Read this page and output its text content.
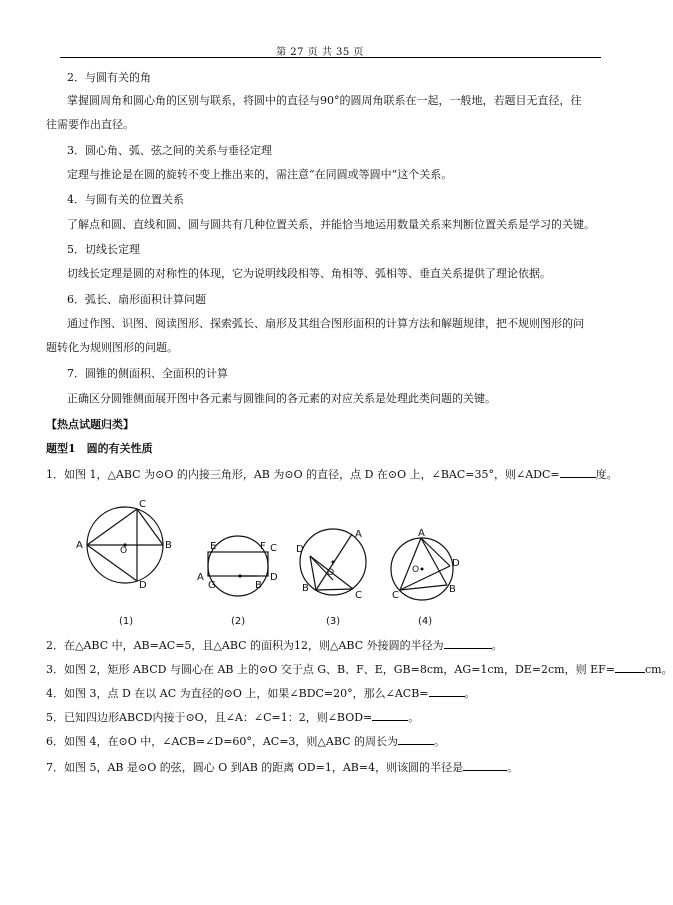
第 27 页 共 35 页
2．与圆有关的角
掌握圆周角和圆心角的区别与联系，将圆中的直径与90°的圆周角联系在一起，一般地，若题目无直径，往
往需要作出直径。
3．圆心角、弧、弦之间的关系与垂径定理
定理与推论是在圆的旋转不变上推出来的，需注意“在同圆或等圆中”这个关系。
4．与圆有关的位置关系
了解点和圆、直线和圆、圆与圆共有几种位置关系，并能恰当地运用数量关系来判断位置关系是学习的关键。
5．切线长定理
切线长定理是圆的对称性的体现，它为说明线段相等、角相等、弧相等、垂直关系提供了理论依据。
6．弧长、扇形面积计算问题
通过作图、识图、阅读图形、探索弧长、扇形及其组合图形面积的计算方法和解题规律，把不规则图形的问
题转化为规则图形的问题。
7．圆锥的侧面积、全面积的计算
正确区分圆锥侧面展开图中各元素与圆锥间的各元素的对应关系是处理此类问题的关键。
【热点试题归类】
题型1　圆的有关性质
1．如图 1，△ABC 为⊙O 的内接三角形，AB 为⊙O 的直径，点 D 在⊙O 上，∠BAC=35°，则∠ADC=	度。
A	B
C
D
O	E	F C
A
G	B
D
D
A
B
C
O
A
O
D
B
C
(1)	(2)	(3)	(4)
2．在△ABC 中，AB=AC=5，且△ABC 的面积为12，则△ABC 外接圆的半径为	。
3．如图 2，矩形 ABCD 与圆心在 AB 上的⊙O 交于点 G、B、F、E，GB=8cm，AG=1cm，DE=2cm，则 EF=	cm。
4．如图 3，点 D 在以 AC 为直径的⊙O 上，如果∠BDC=20°，那么∠ACB=	。
5．已知四边形ABCD内接于⊙O，且∠A：∠C=1：2，则∠BOD=	。
6．如图 4，在⊙O 中，∠ACB=∠D=60°，AC=3，则△ABC 的周长为	。
7．如图 5，AB 是⊙O 的弦，圆心 O 到AB 的距离 OD=1，AB=4，则该圆的半径是	。
